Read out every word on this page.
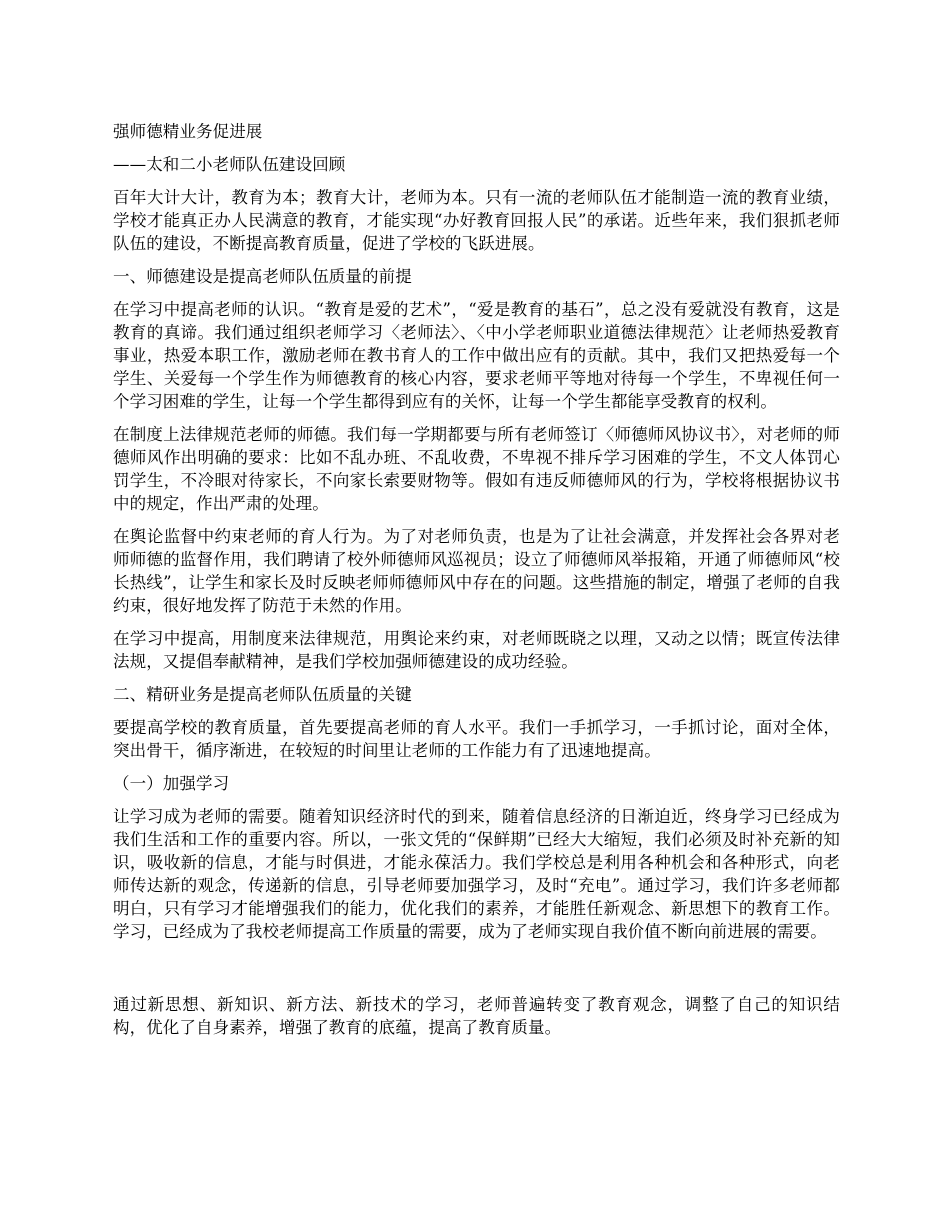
强师德精业务促进展

——太和二小老师队伍建设回顾

百年大计大计，教育为本；教育大计，老师为本。只有一流的老师队伍才能制造一流的教育业绩，学校才能真正办人民满意的教育，才能实现“办好教育回报人民”的承诺。近些年来，我们狠抓老师队伍的建设，不断提高教育质量，促进了学校的飞跃进展。

一、师德建设是提高老师队伍质量的前提

在学习中提高老师的认识。“教育是爱的艺术”，“爱是教育的基石”，总之没有爱就没有教育，这是教育的真谛。我们通过组织老师学习〈老师法〉、〈中小学老师职业道德法律规范〉让老师热爱教育事业，热爱本职工作，激励老师在教书育人的工作中做出应有的贡献。其中，我们又把热爱每一个学生、关爱每一个学生作为师德教育的核心内容，要求老师平等地对待每一个学生，不卑视任何一个学习困难的学生，让每一个学生都得到应有的关怀，让每一个学生都能享受教育的权利。

在制度上法律规范老师的师德。我们每一学期都要与所有老师签订〈师德师风协议书〉，对老师的师德师风作出明确的要求：比如不乱办班、不乱收费，不卑视不排斥学习困难的学生，不文人体罚心罚学生，不冷眼对待家长，不向家长索要财物等。假如有违反师德师风的行为，学校将根据协议书中的规定，作出严肃的处理。

在舆论监督中约束老师的育人行为。为了对老师负责，也是为了让社会满意，并发挥社会各界对老师师德的监督作用，我们聘请了校外师德师风巡视员；设立了师德师风举报箱，开通了师德师风“校长热线”，让学生和家长及时反映老师师德师风中存在的问题。这些措施的制定，增强了老师的自我约束，很好地发挥了防范于未然的作用。

在学习中提高，用制度来法律规范，用舆论来约束，对老师既晓之以理，又动之以情；既宣传法律法规，又提倡奉献精神，是我们学校加强师德建设的成功经验。

二、精研业务是提高老师队伍质量的关键

要提高学校的教育质量，首先要提高老师的育人水平。我们一手抓学习，一手抓讨论，面对全体，突出骨干，循序渐进，在较短的时间里让老师的工作能力有了迅速地提高。

（一）加强学习

让学习成为老师的需要。随着知识经济时代的到来，随着信息经济的日渐迫近，终身学习已经成为我们生活和工作的重要内容。所以，一张文凭的“保鲜期”已经大大缩短，我们必须及时补充新的知识，吸收新的信息，才能与时俱进，才能永葆活力。我们学校总是利用各种机会和各种形式，向老师传达新的观念，传递新的信息，引导老师要加强学习，及时“充电”。通过学习，我们许多老师都明白，只有学习才能增强我们的能力，优化我们的素养，才能胜任新观念、新思想下的教育工作。学习，已经成为了我校老师提高工作质量的需要，成为了老师实现自我价值不断向前进展的需要。

通过新思想、新知识、新方法、新技术的学习，老师普遍转变了教育观念，调整了自己的知识结构，优化了自身素养，增强了教育的底蕴，提高了教育质量。
